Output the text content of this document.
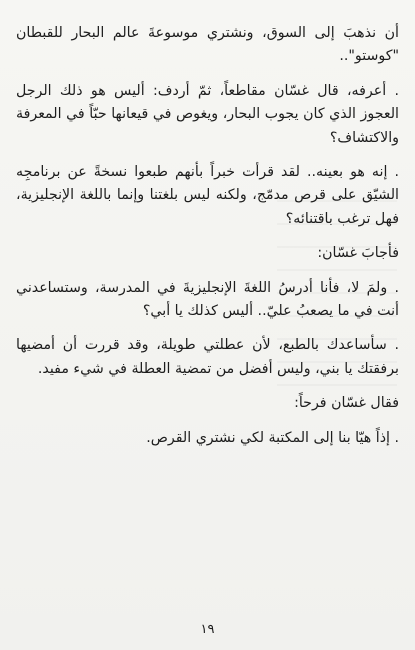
أن نذهبَ إلى السوق، ونشتري موسوعةَ عالم البحار للقبطان "كوستو"..

. أعرفه، قال غسّان مقاطعاً، ثمّ أردف: أليس هو ذلك الرجل العجوز الذي كان يجوب البحار، ويغوص في قيعانها حبّاً في المعرفة والاكتشاف؟

. إنه هو بعينه.. لقد قرأت خبراً بأنهم طبعوا نسخةً عن برنامجِه الشيّق على قرص مدمّج، ولكنه ليس بلغتنا وإنما باللغة الإنجليزية، فهل ترغب باقتنائه؟

فأجابَ غسّان:

. ولمَ لا، فأنا أدرسُ اللغةَ الإنجليزيةَ في المدرسة، وستساعدني أنت في ما يصعبُ عليّ.. أليس كذلك يا أبي؟

. سأساعدك بالطبع، لأن عطلتي طويلة، وقد قررت أن أمضيها برفقتك يا بني، وليس أفضل من تمضية العطلة في شيء مفيد.

فقال غسّان فرحاً:

. إذاً هيّا بنا إلى المكتبة لكي نشتري القرص.

١٩
